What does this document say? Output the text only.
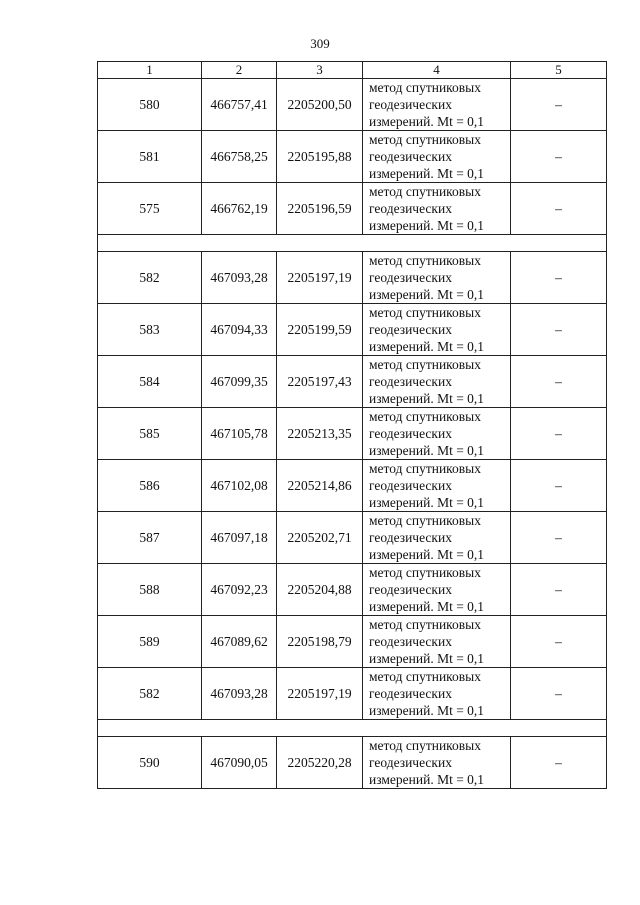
309
1	2	3	4	5
580	466757,41	2205200,50	метод спутниковых
геодезических
измерений. Mt = 0,1	–
581	466758,25	2205195,88	метод спутниковых
геодезических
измерений. Mt = 0,1	–
575	466762,19	2205196,59	метод спутниковых
геодезических
измерений. Mt = 0,1	–

582	467093,28	2205197,19	метод спутниковых
геодезических
измерений. Mt = 0,1	–
583	467094,33	2205199,59	метод спутниковых
геодезических
измерений. Mt = 0,1	–
584	467099,35	2205197,43	метод спутниковых
геодезических
измерений. Mt = 0,1	–
585	467105,78	2205213,35	метод спутниковых
геодезических
измерений. Mt = 0,1	–
586	467102,08	2205214,86	метод спутниковых
геодезических
измерений. Mt = 0,1	–
587	467097,18	2205202,71	метод спутниковых
геодезических
измерений. Mt = 0,1	–
588	467092,23	2205204,88	метод спутниковых
геодезических
измерений. Mt = 0,1	–
589	467089,62	2205198,79	метод спутниковых
геодезических
измерений. Mt = 0,1	–
582	467093,28	2205197,19	метод спутниковых
геодезических
измерений. Mt = 0,1	–

590	467090,05	2205220,28	метод спутниковых
геодезических
измерений. Mt = 0,1	–
